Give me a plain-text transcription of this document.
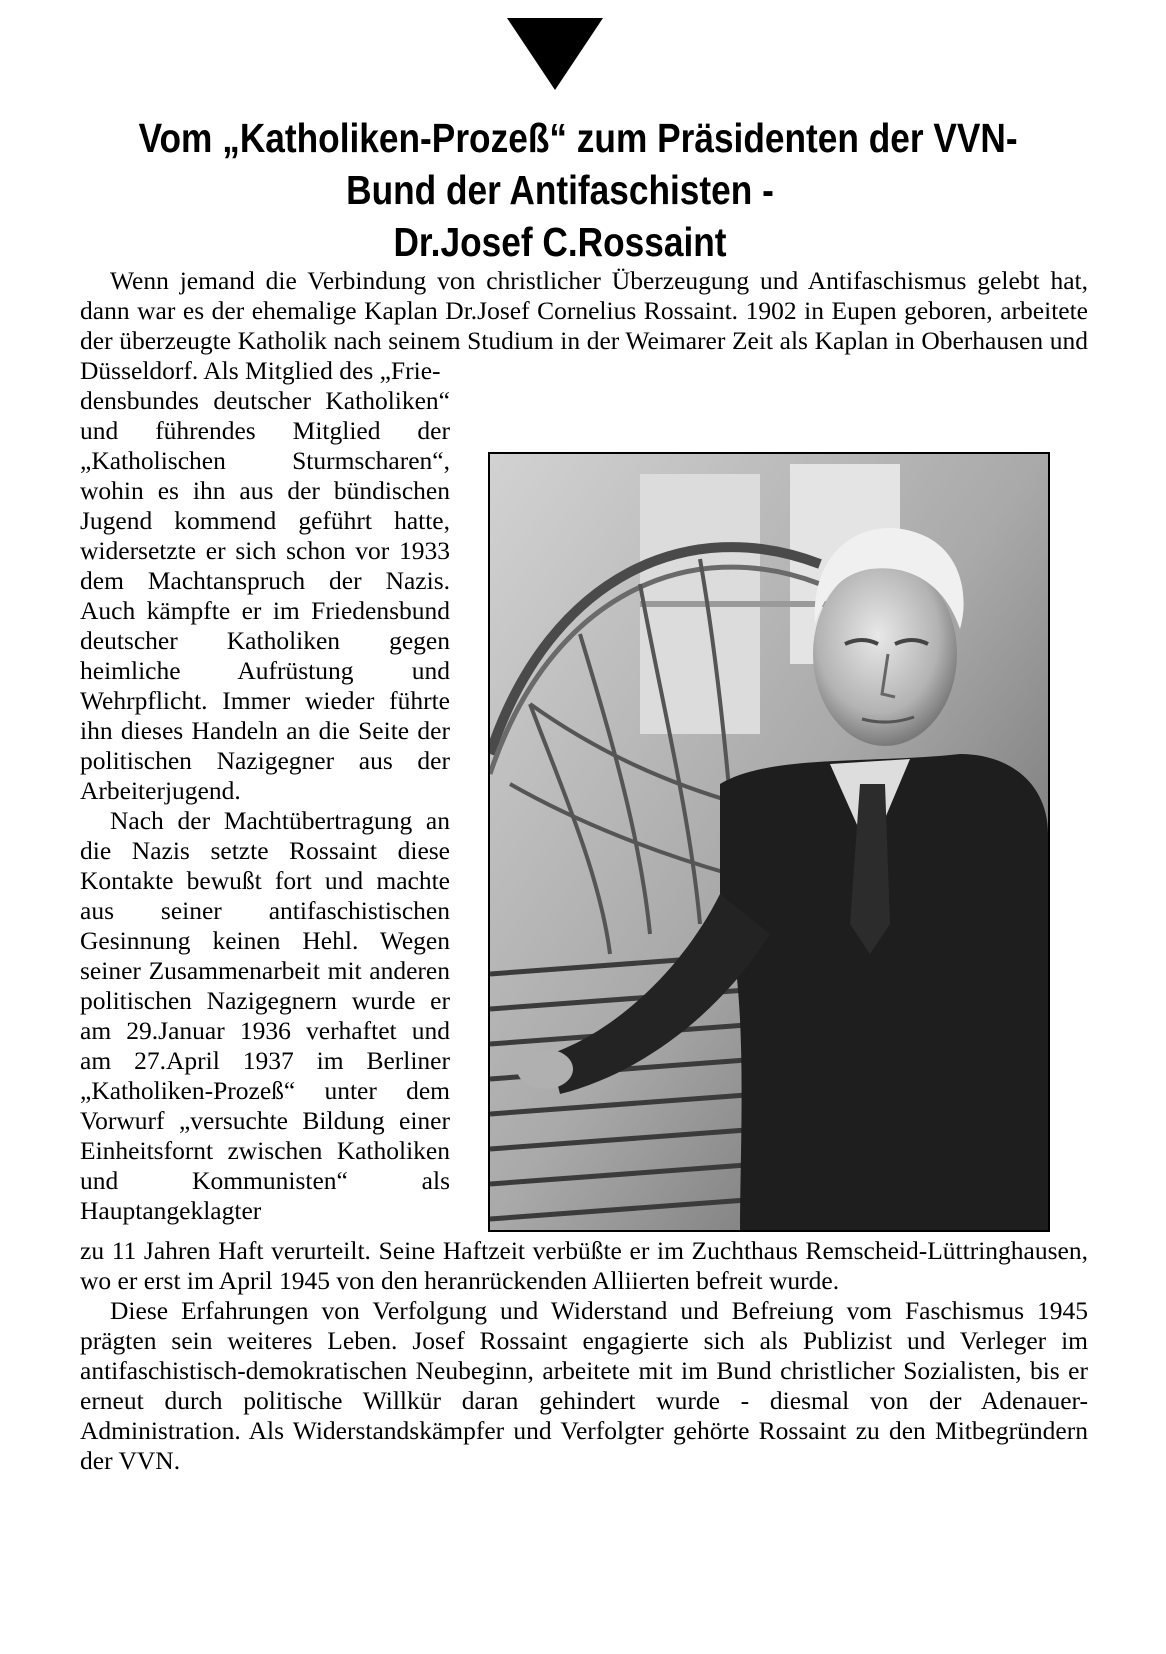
Vom „Katholiken-Prozeß“ zum Präsidenten der VVN-
Bund der Antifaschisten -
Dr.Josef C.Rossaint

Wenn jemand die Verbindung von christlicher Überzeugung und Antifaschismus gelebt hat, dann war es der ehemalige Kaplan Dr.Josef Cornelius Rossaint. 1902 in Eupen geboren, arbeitete der überzeugte Katholik nach seinem Studium in der Weimarer Zeit als Kaplan in Oberhausen und Düsseldorf. Als Mitglied des „Frie-

densbundes deutscher Katholiken“ und führendes Mitglied der „Katholischen Sturmscharen“, wohin es ihn aus der bündischen Jugend kommend geführt hatte, widersetzte er sich schon vor 1933 dem Machtanspruch der Nazis. Auch kämpfte er im Friedensbund deutscher Katholiken gegen heimliche Aufrüstung und Wehrpflicht. Immer wieder führte ihn dieses Handeln an die Seite der politischen Nazigegner aus der Arbeiterjugend.

Nach der Machtübertragung an die Nazis setzte Rossaint diese Kontakte bewußt fort und machte aus seiner antifaschistischen Gesinnung keinen Hehl. Wegen seiner Zusammenarbeit mit anderen politischen Nazigegnern wurde er am 29.Januar 1936 verhaftet und am 27.April 1937 im Berliner „Katholiken-Prozeß“ unter dem Vorwurf „versuchte Bildung einer Einheitsfornt zwischen Katholiken und Kommunisten“ als Hauptangeklagter

zu 11 Jahren Haft verurteilt. Seine Haftzeit verbüßte er im Zuchthaus Remscheid-Lüttringhausen, wo er erst im April 1945 von den heranrückenden Alliierten befreit wurde.

Diese Erfahrungen von Verfolgung und Widerstand und Befreiung vom Faschismus 1945 prägten sein weiteres Leben. Josef Rossaint engagierte sich als Publizist und Verleger im antifaschistisch-demokratischen Neubeginn, arbeitete mit im Bund christlicher Sozialisten, bis er erneut durch politische Willkür daran gehindert wurde - diesmal von der Adenauer-Administration. Als Widerstandskämpfer und Verfolgter gehörte Rossaint zu den Mitbegründern der VVN.
